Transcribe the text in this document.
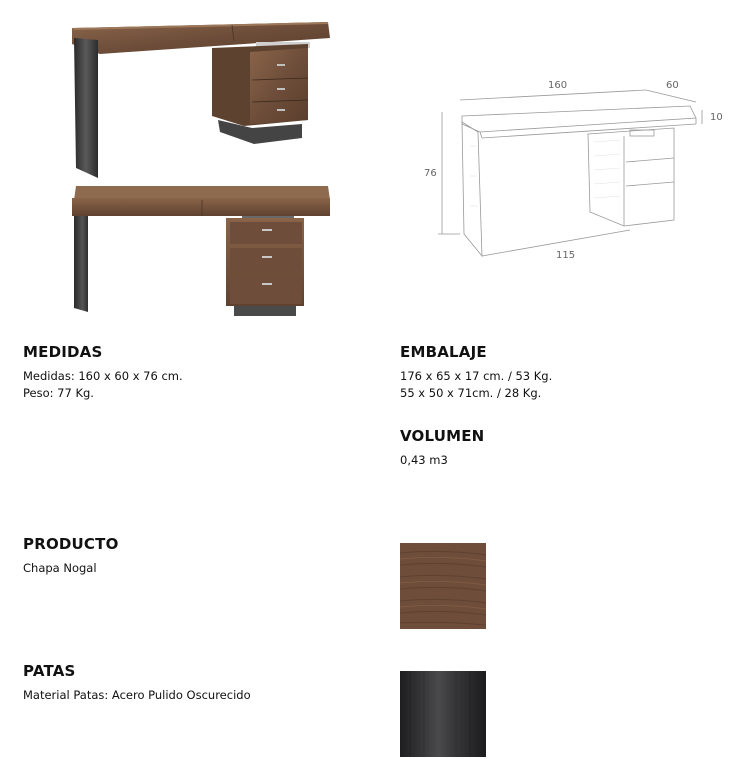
160	60
10
76
115
MEDIDAS
Medidas: 160 x 60 x 76 cm.
Peso: 77 Kg.
EMBALAJE
176 x 65 x 17 cm. / 53 Kg.
55 x 50 x 71cm. / 28 Kg.
VOLUMEN
0,43 m3
PRODUCTO
Chapa Nogal
PATAS
Material Patas: Acero Pulido Oscurecido
